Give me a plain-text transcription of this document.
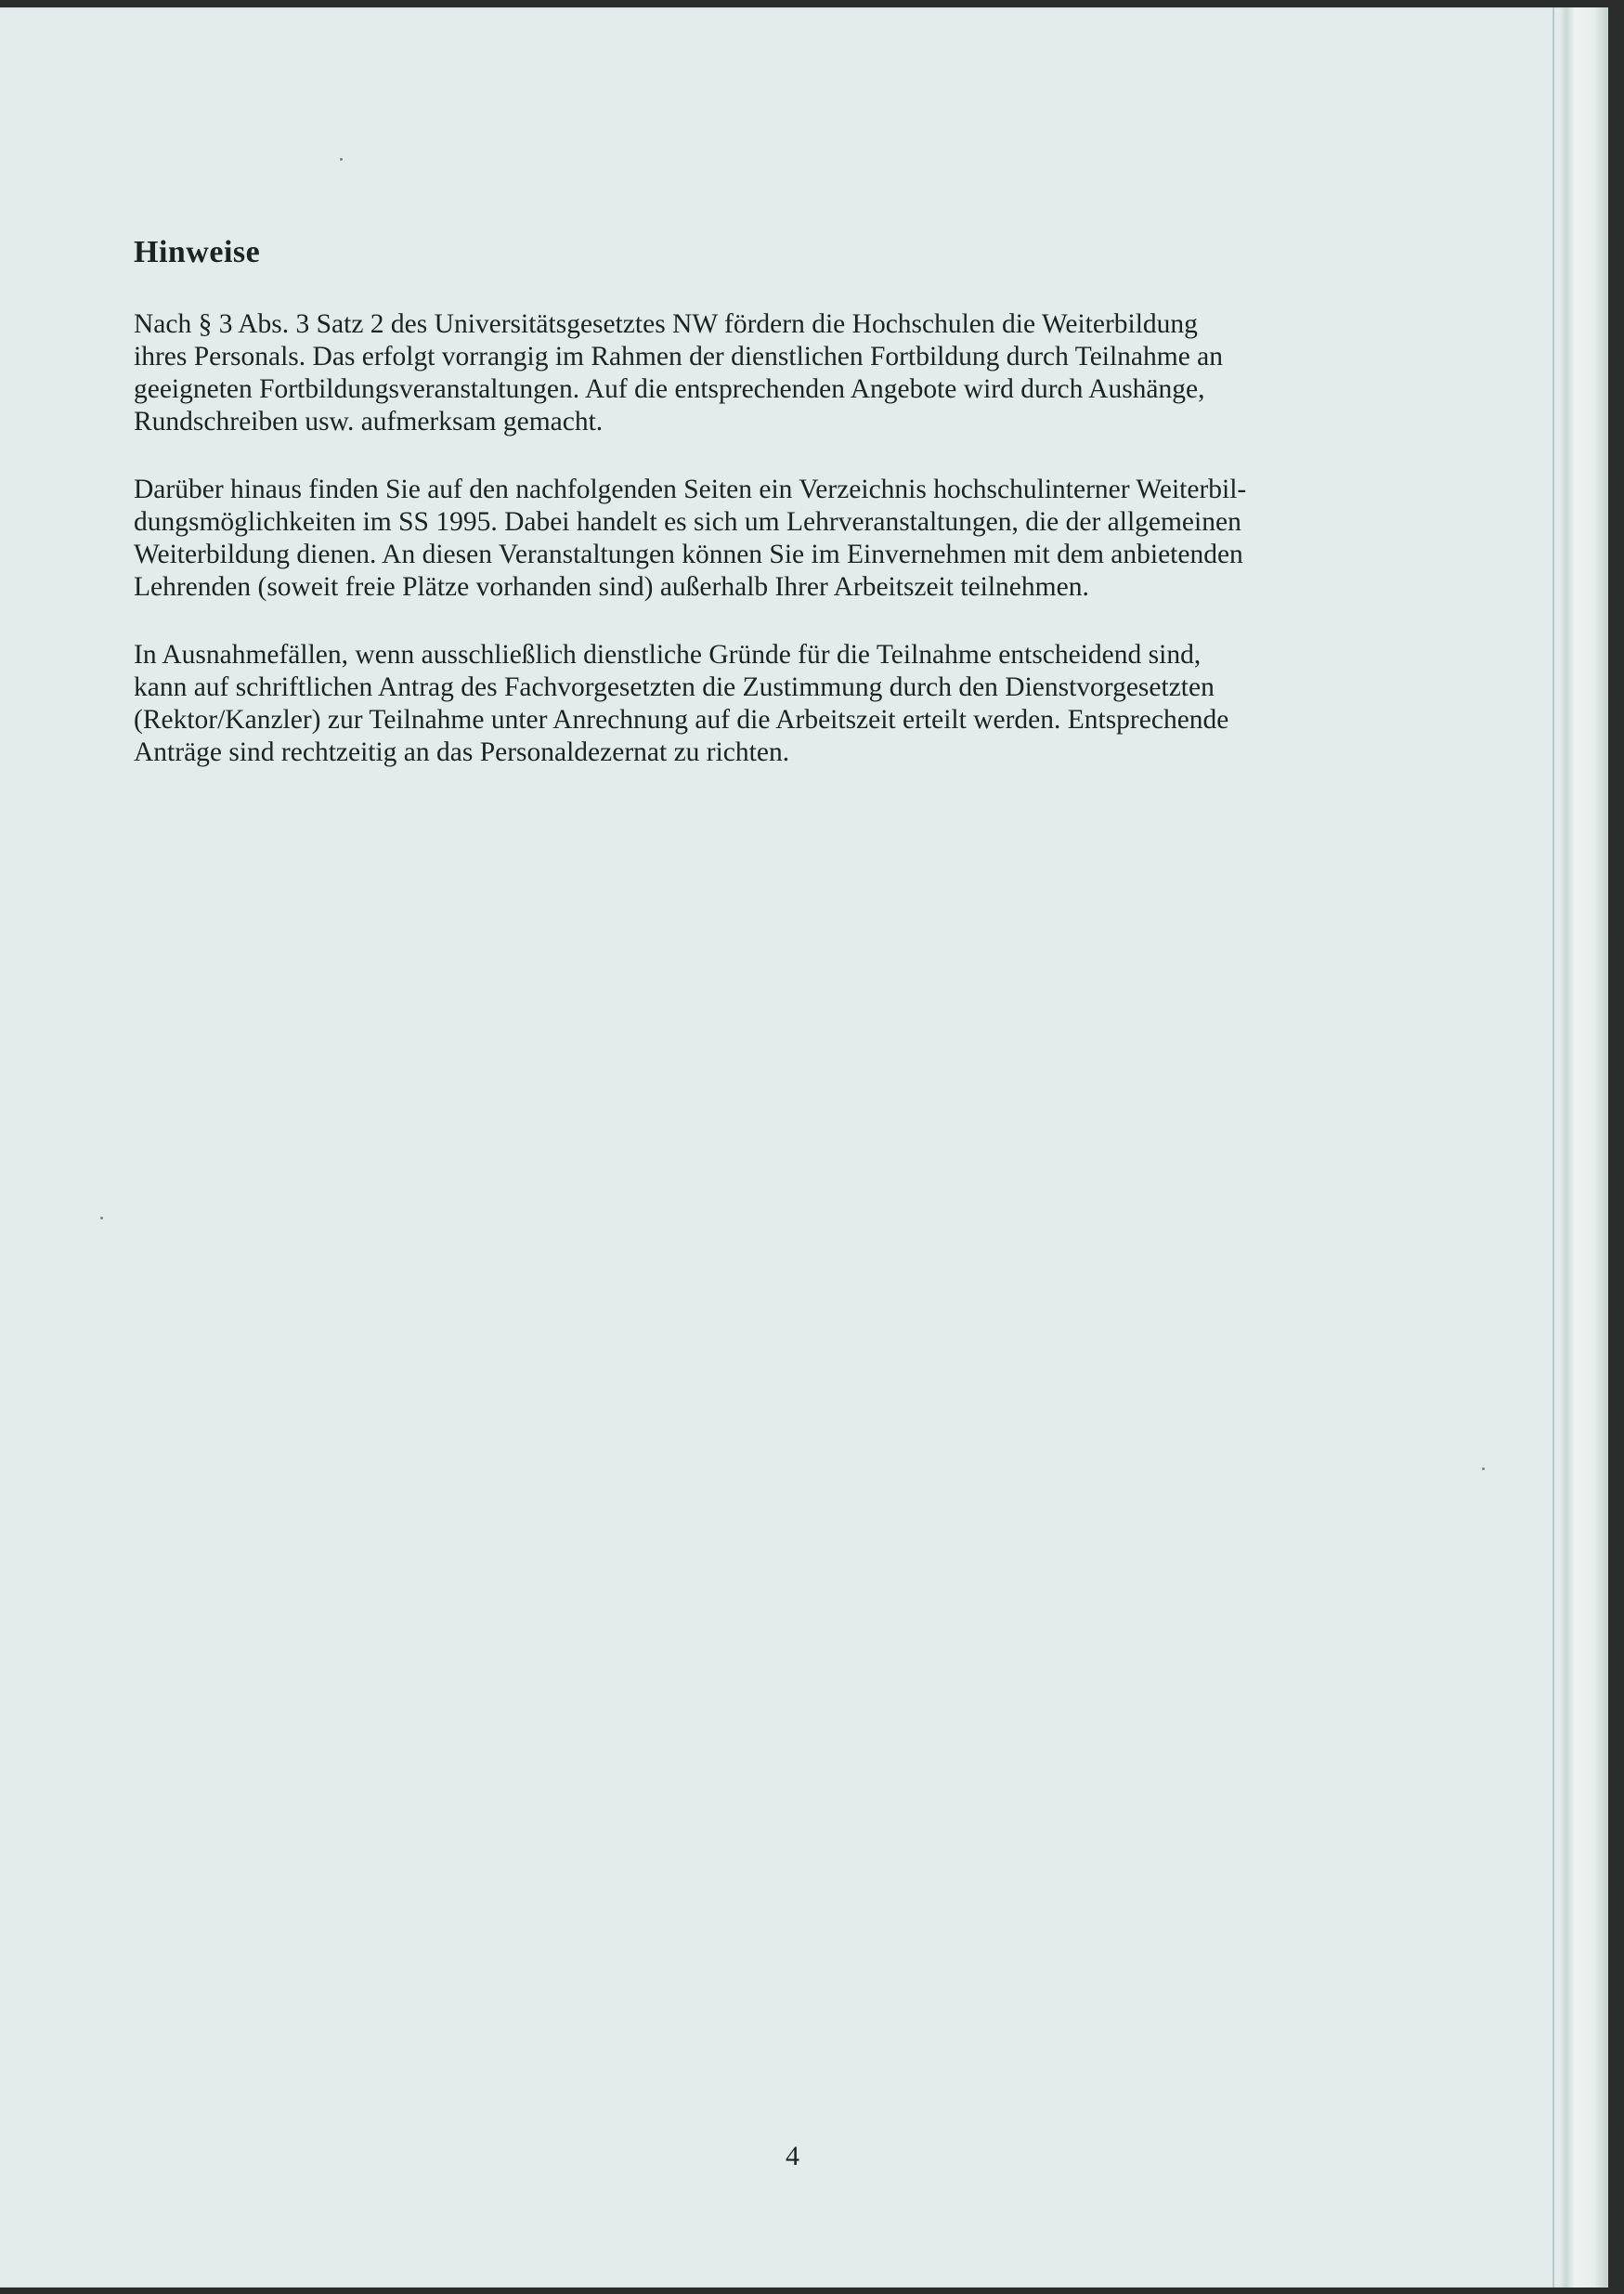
Hinweise

Nach § 3 Abs. 3 Satz 2 des Universitätsgesetztes NW fördern die Hochschulen die Weiterbildung
ihres Personals. Das erfolgt vorrangig im Rahmen der dienstlichen Fortbildung durch Teilnahme an
geeigneten Fortbildungsveranstaltungen. Auf die entsprechenden Angebote wird durch Aushänge,
Rundschreiben usw. aufmerksam gemacht.

Darüber hinaus finden Sie auf den nachfolgenden Seiten ein Verzeichnis hochschulinterner Weiterbil-
dungsmöglichkeiten im SS 1995. Dabei handelt es sich um Lehrveranstaltungen, die der allgemeinen
Weiterbildung dienen. An diesen Veranstaltungen können Sie im Einvernehmen mit dem anbietenden
Lehrenden (soweit freie Plätze vorhanden sind) außerhalb Ihrer Arbeitszeit teilnehmen.

In Ausnahmefällen, wenn ausschließlich dienstliche Gründe für die Teilnahme entscheidend sind,
kann auf schriftlichen Antrag des Fachvorgesetzten die Zustimmung durch den Dienstvorgesetzten
(Rektor/Kanzler) zur Teilnahme unter Anrechnung auf die Arbeitszeit erteilt werden. Entsprechende
Anträge sind rechtzeitig an das Personaldezernat zu richten.

4
